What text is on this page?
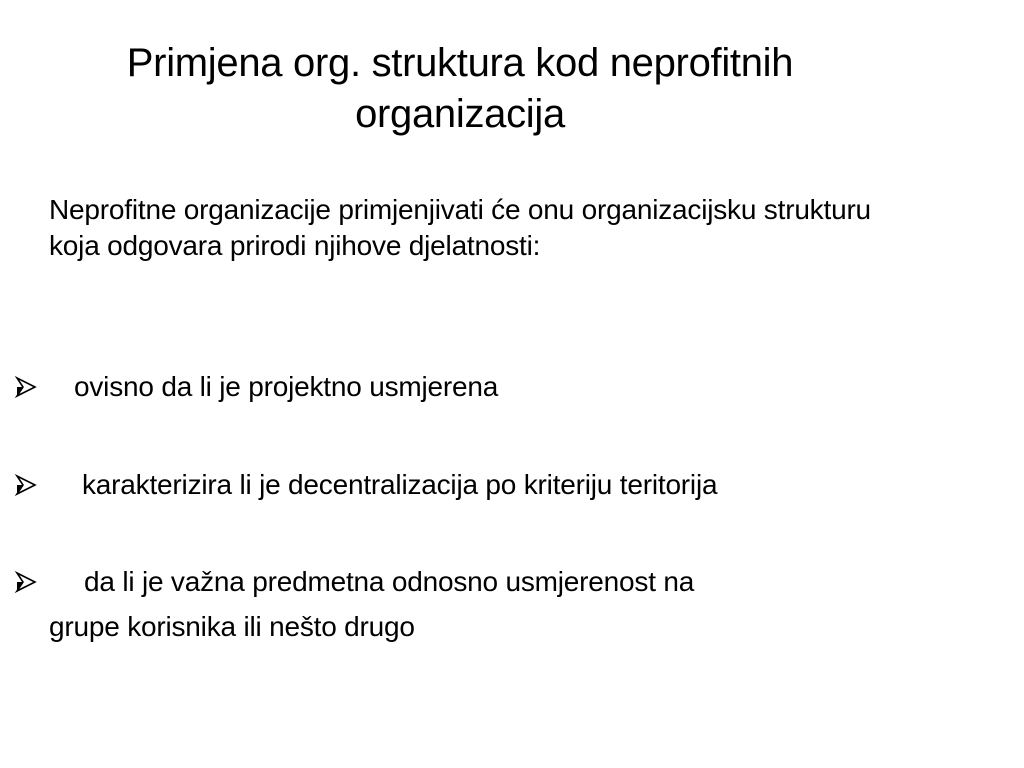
Primjena org. struktura kod neprofitnih
organizacija

Neprofitne organizacije primjenjivati će onu organizacijsku strukturu koja odgovara prirodi njihove djelatnosti:

ovisno da li je projektno usmjerena

karakterizira li je decentralizacija po kriteriju teritorija

da li je važna predmetna odnosno usmjerenost na
grupe korisnika ili nešto drugo
